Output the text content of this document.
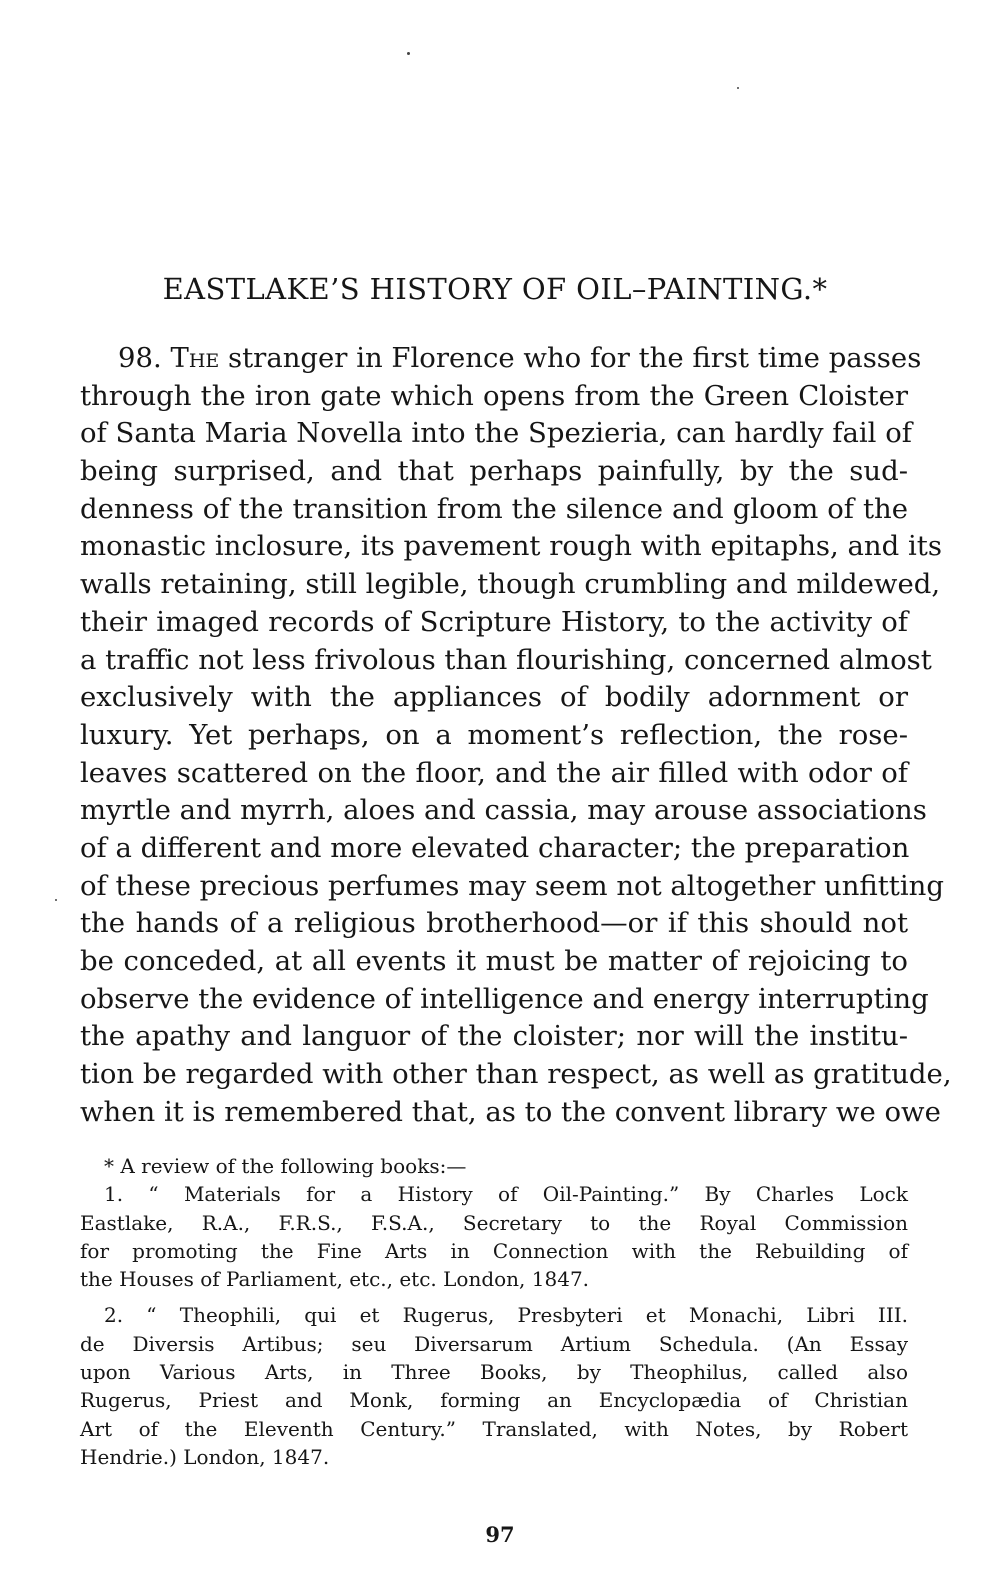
EASTLAKE’S HISTORY OF OIL–PAINTING.*
98. The stranger in Florence who for the first time passes
through the iron gate which opens from the Green Cloister
of Santa Maria Novella into the Spezieria, can hardly fail of
being surprised, and that perhaps painfully, by the sud-
denness of the transition from the silence and gloom of the
monastic inclosure, its pavement rough with epitaphs, and its
walls retaining, still legible, though crumbling and mildewed,
their imaged records of Scripture History, to the activity of
a traffic not less frivolous than flourishing, concerned almost
exclusively with the appliances of bodily adornment or
luxury. Yet perhaps, on a moment’s reflection, the rose-
leaves scattered on the floor, and the air filled with odor of
myrtle and myrrh, aloes and cassia, may arouse associations
of a different and more elevated character; the preparation
of these precious perfumes may seem not altogether unfitting
the hands of a religious brotherhood—or if this should not
be conceded, at all events it must be matter of rejoicing to
observe the evidence of intelligence and energy interrupting
the apathy and languor of the cloister; nor will the institu-
tion be regarded with other than respect, as well as gratitude,
when it is remembered that, as to the convent library we owe
* A review of the following books:—
1. “ Materials for a History of Oil-Painting.” By Charles Lock
Eastlake, R.A., F.R.S., F.S.A., Secretary to the Royal Commission
for promoting the Fine Arts in Connection with the Rebuilding of
the Houses of Parliament, etc., etc. London, 1847.
2. “ Theophili, qui et Rugerus, Presbyteri et Monachi, Libri III.
de Diversis Artibus; seu Diversarum Artium Schedula. (An Essay
upon Various Arts, in Three Books, by Theophilus, called also
Rugerus, Priest and Monk, forming an Encyclopædia of Christian
Art of the Eleventh Century.” Translated, with Notes, by Robert
Hendrie.) London, 1847.
97
